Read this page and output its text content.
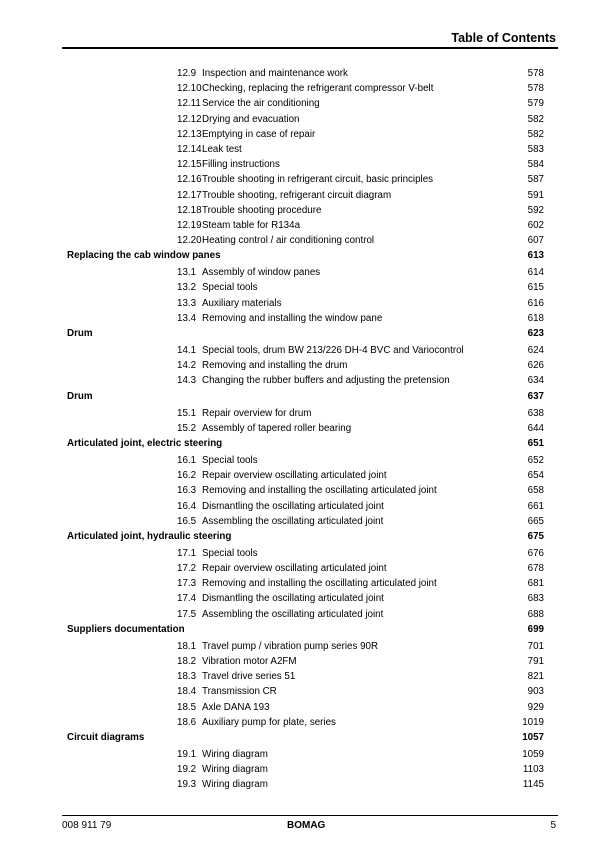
Table of Contents
12.9 Inspection and maintenance work	578
12.10 Checking, replacing the refrigerant compressor V-belt	578
12.11 Service the air conditioning	579
12.12 Drying and evacuation	582
12.13 Emptying in case of repair	582
12.14 Leak test	583
12.15 Filling instructions	584
12.16 Trouble shooting in refrigerant circuit, basic principles	587
12.17 Trouble shooting, refrigerant circuit diagram	591
12.18 Trouble shooting procedure	592
12.19 Steam table for R134a	602
12.20 Heating control / air conditioning control	607
Replacing the cab window panes	613
13.1 Assembly of window panes	614
13.2 Special tools	615
13.3 Auxiliary materials	616
13.4 Removing and installing the window pane	618
Drum	623
14.1 Special tools, drum BW 213/226 DH-4 BVC and Variocontrol	624
14.2 Removing and installing the drum	626
14.3 Changing the rubber buffers and adjusting the pretension	634
Drum	637
15.1 Repair overview for drum	638
15.2 Assembly of tapered roller bearing	644
Articulated joint, electric steering	651
16.1 Special tools	652
16.2 Repair overview oscillating articulated joint	654
16.3 Removing and installing the oscillating articulated joint	658
16.4 Dismantling the oscillating articulated joint	661
16.5 Assembling the oscillating articulated joint	665
Articulated joint, hydraulic steering	675
17.1 Special tools	676
17.2 Repair overview oscillating articulated joint	678
17.3 Removing and installing the oscillating articulated joint	681
17.4 Dismantling the oscillating articulated joint	683
17.5 Assembling the oscillating articulated joint	688
Suppliers documentation	699
18.1 Travel pump / vibration pump series 90R	701
18.2 Vibration motor A2FM	791
18.3 Travel drive series 51	821
18.4 Transmission CR	903
18.5 Axle DANA 193	929
18.6 Auxiliary pump for plate, series	1019
Circuit diagrams	1057
19.1 Wiring diagram	1059
19.2 Wiring diagram	1103
19.3 Wiring diagram	1145
008 911 79	BOMAG	5
